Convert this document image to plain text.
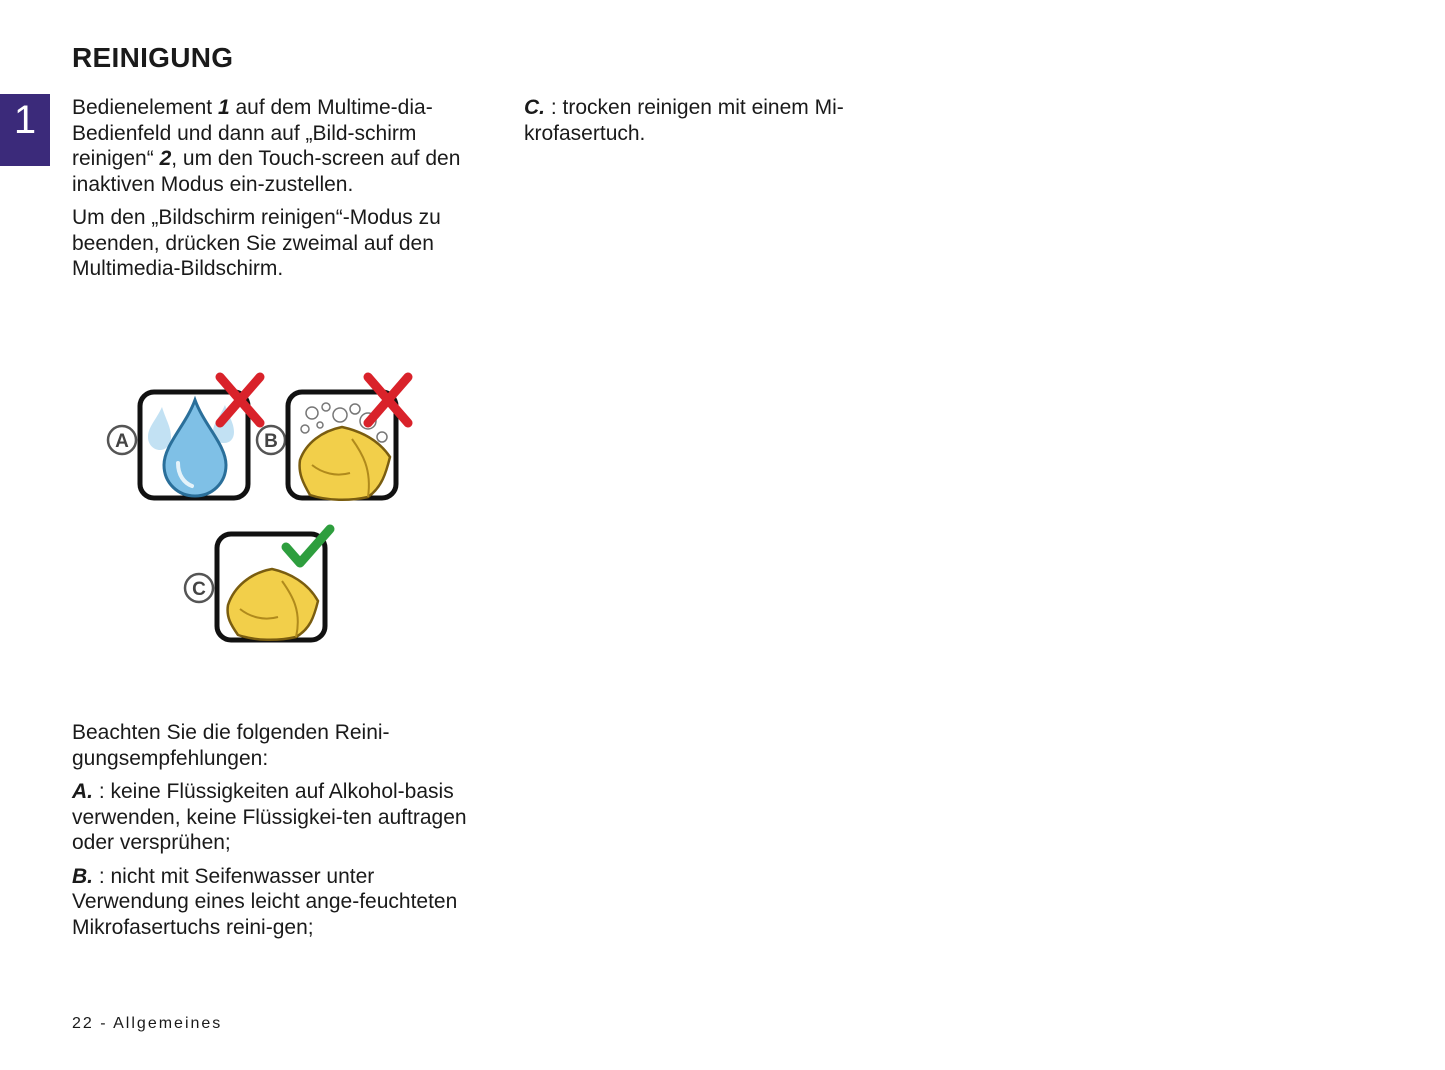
1
REINIGUNG

Bedienelement 1 auf dem Multime-dia-Bedienfeld und dann auf „Bild-schirm reinigen“ 2, um den Touch-screen auf den inaktiven Modus ein-zustellen.

Um den „Bildschirm reinigen“-Modus zu beenden, drücken Sie zweimal auf den Multimedia-Bildschirm.

A	B
C

Beachten Sie die folgenden Reini-gungsempfehlungen:

A. : keine Flüssigkeiten auf Alkohol-basis verwenden, keine Flüssigkei-ten auftragen oder versprühen;

B. : nicht mit Seifenwasser unter Verwendung eines leicht ange-feuchteten Mikrofasertuchs reini-gen;

C. : trocken reinigen mit einem Mi-krofasertuch.

22 - Allgemeines
